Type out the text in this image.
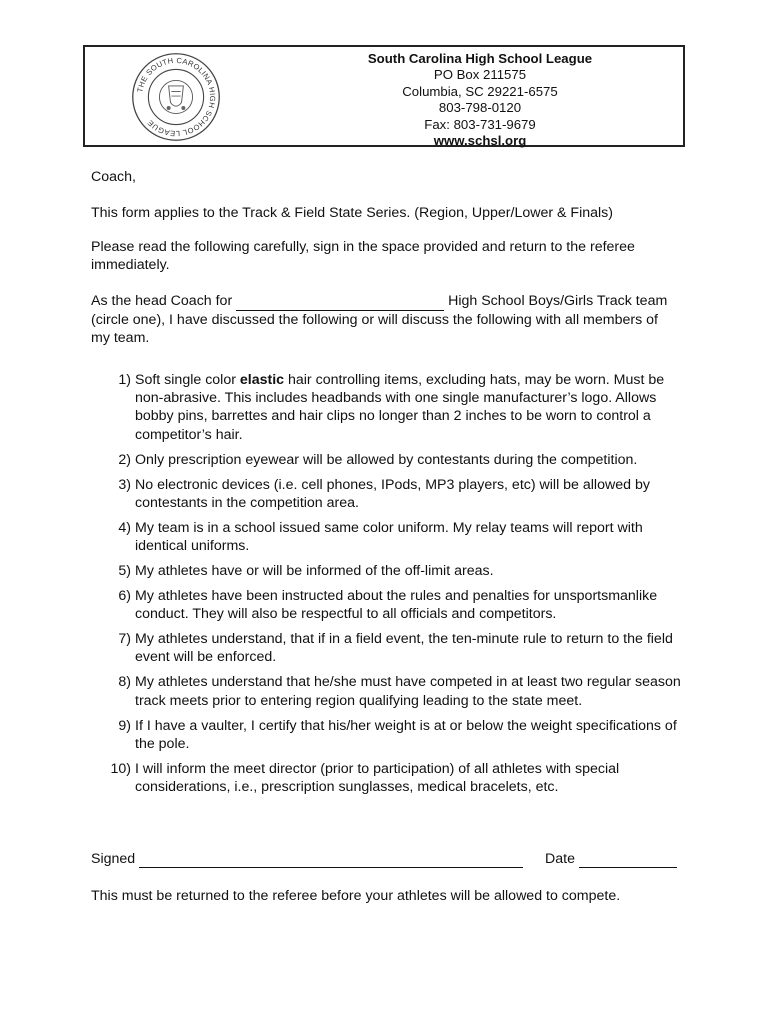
THE SOUTH CAROLINA HIGH SCHOOL LEAGUE
South Carolina High School League
PO Box 211575
Columbia, SC 29221-6575
803-798-0120
Fax: 803-731-9679
www.schsl.org

Coach,

This form applies to the Track & Field State Series. (Region, Upper/Lower & Finals)

Please read the following carefully, sign in the space provided and return to the referee immediately.

As the head Coach for	High School Boys/Girls Track team (circle one), I have discussed the following or will discuss the following with all members of my team.

1) Soft single color elastic hair controlling items, excluding hats, may be worn. Must be non-abrasive. This includes headbands with one single manufacturer’s logo. Allows bobby pins, barrettes and hair clips no longer than 2 inches to be worn to control a competitor’s hair.
2) Only prescription eyewear will be allowed by contestants during the competition.
3) No electronic devices (i.e. cell phones, IPods, MP3 players, etc) will be allowed by contestants in the competition area.
4) My team is in a school issued same color uniform. My relay teams will report with identical uniforms.
5) My athletes have or will be informed of the off-limit areas.
6) My athletes have been instructed about the rules and penalties for unsportsmanlike conduct. They will also be respectful to all officials and competitors.
7) My athletes understand, that if in a field event, the ten-minute rule to return to the field event will be enforced.
8) My athletes understand that he/she must have competed in at least two regular season track meets prior to entering region qualifying leading to the state meet.
9) If I have a vaulter, I certify that his/her weight is at or below the weight specifications of the pole.
10) I will inform the meet director (prior to participation) of all athletes with special considerations, i.e., prescription sunglasses, medical bracelets, etc.
Signed	Date

This must be returned to the referee before your athletes will be allowed to compete.
